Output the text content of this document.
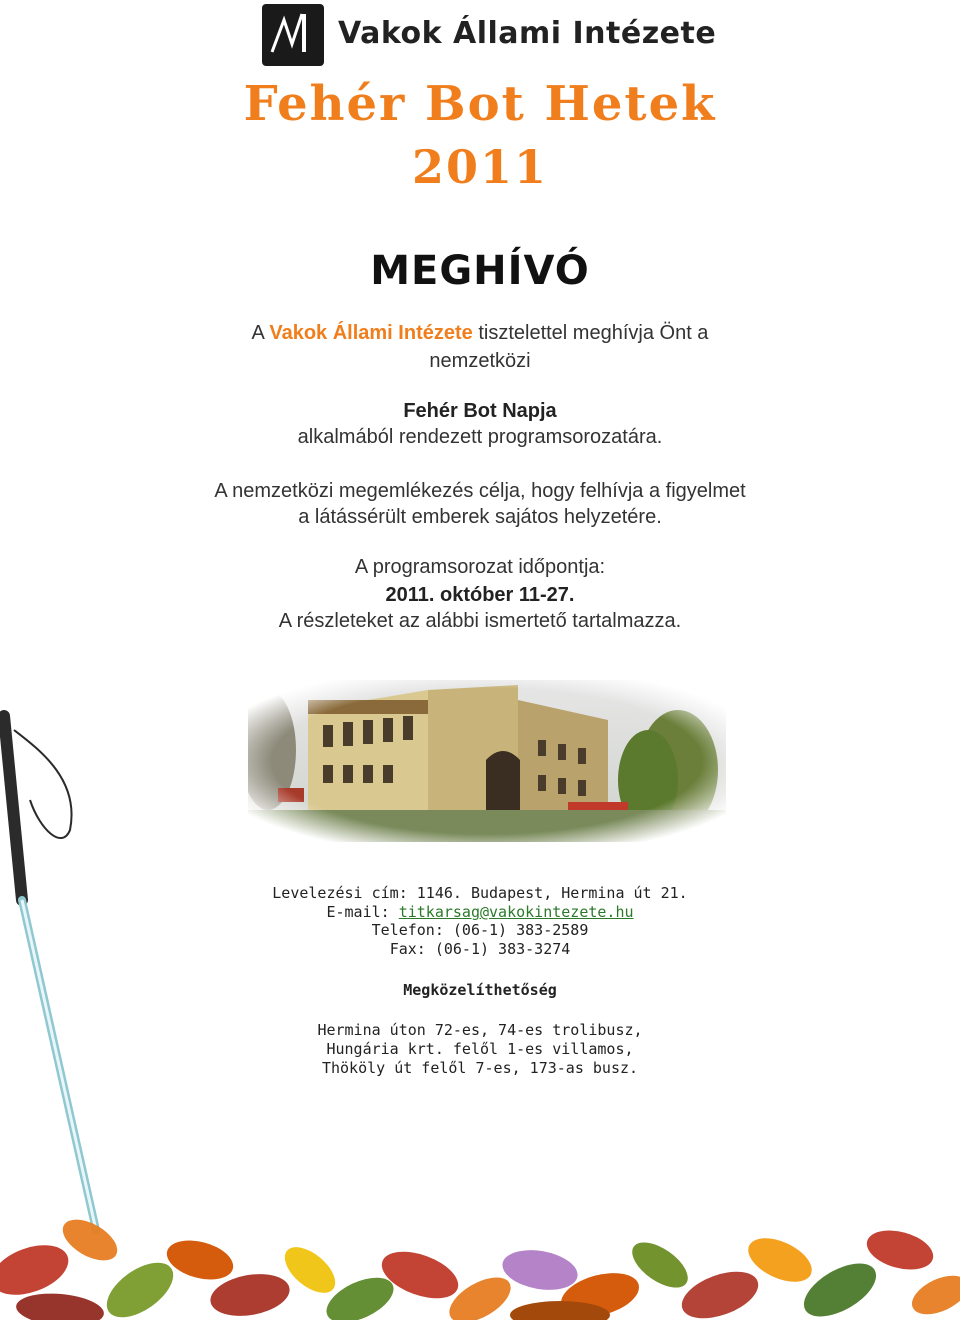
Vakok Állami Intézete
Fehér Bot Hetek
2011
MEGHÍVÓ
A Vakok Állami Intézete tisztelettel meghívja Önt a
nemzetközi
Fehér Bot Napja
alkalmából rendezett programsorozatára.
A nemzetközi megemlékezés célja, hogy felhívja a figyelmet
a látássérült emberek sajátos helyzetére.
A programsorozat időpontja:
2011. október 11-27.
A részleteket az alábbi ismertető tartalmazza.
Levelezési cím: 1146. Budapest, Hermina út 21.
E-mail: titkarsag@vakokintezete.hu
Telefon: (06-1) 383-2589
Fax: (06-1) 383-3274
Megközelíthetőség
Hermina úton 72-es, 74-es trolibusz,
Hungária krt. felől 1-es villamos,
Thököly út felől 7-es, 173-as busz.
